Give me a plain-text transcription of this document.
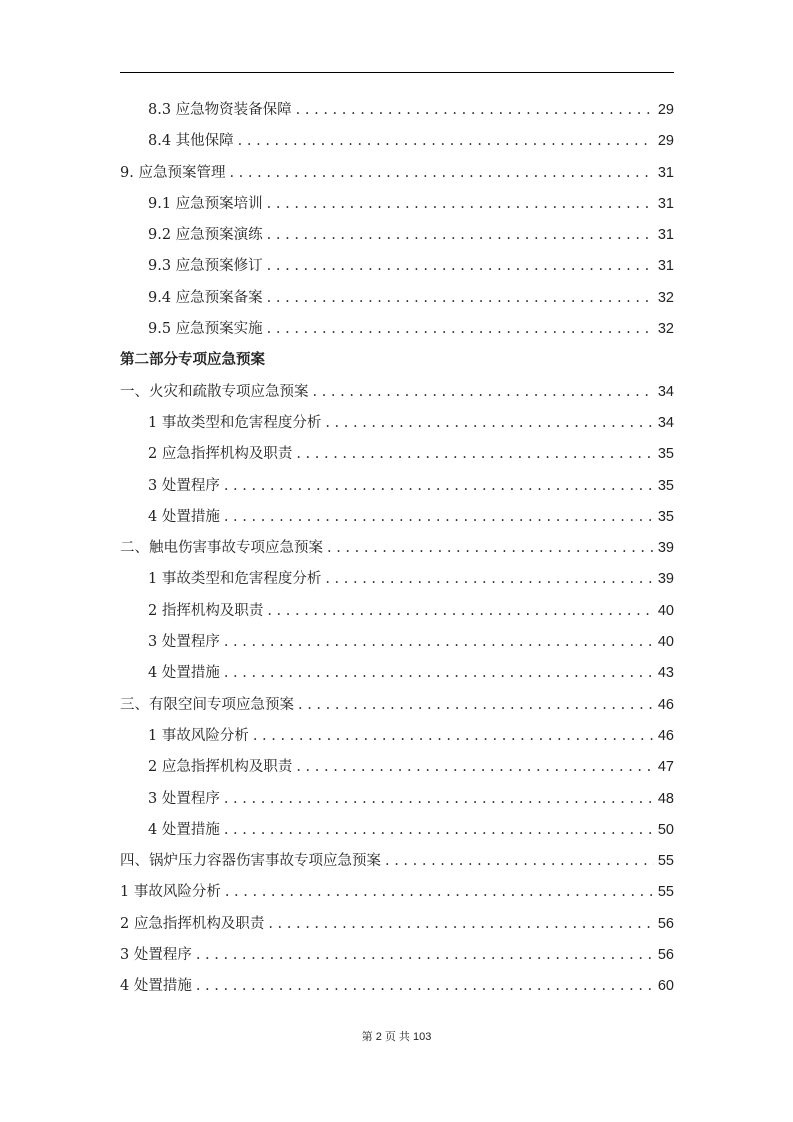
8.3 应急物资装备保障 . . .	29
8.4 其他保障 . . .	29
9. 应急预案管理 . . .	31
9.1 应急预案培训 . . .	31
9.2 应急预案演练 . . .	31
9.3 应急预案修订 . . .	31
9.4 应急预案备案 . . .	32
9.5 应急预案实施 . . .	32
第二部分专项应急预案
一、火灾和疏散专项应急预案 . . .	34
1 事故类型和危害程度分析 . . .	34
2 应急指挥机构及职责 . . .	35
3 处置程序 . . .	35
4 处置措施 . . .	35
二、触电伤害事故专项应急预案 . . .	39
1 事故类型和危害程度分析 . . .	39
2 指挥机构及职责 . . .	40
3 处置程序 . . .	40
4 处置措施 . . .	43
三、有限空间专项应急预案 . . .	46
1 事故风险分析 . . .	46
2 应急指挥机构及职责 . . .	47
3 处置程序 . . .	48
4 处置措施 . . .	50
四、锅炉压力容器伤害事故专项应急预案 . . .	55
1 事故风险分析 . . .	55
2 应急指挥机构及职责 . . .	56
3 处置程序 . . .	56
4 处置措施 . . .	60
第 2 页 共 103
